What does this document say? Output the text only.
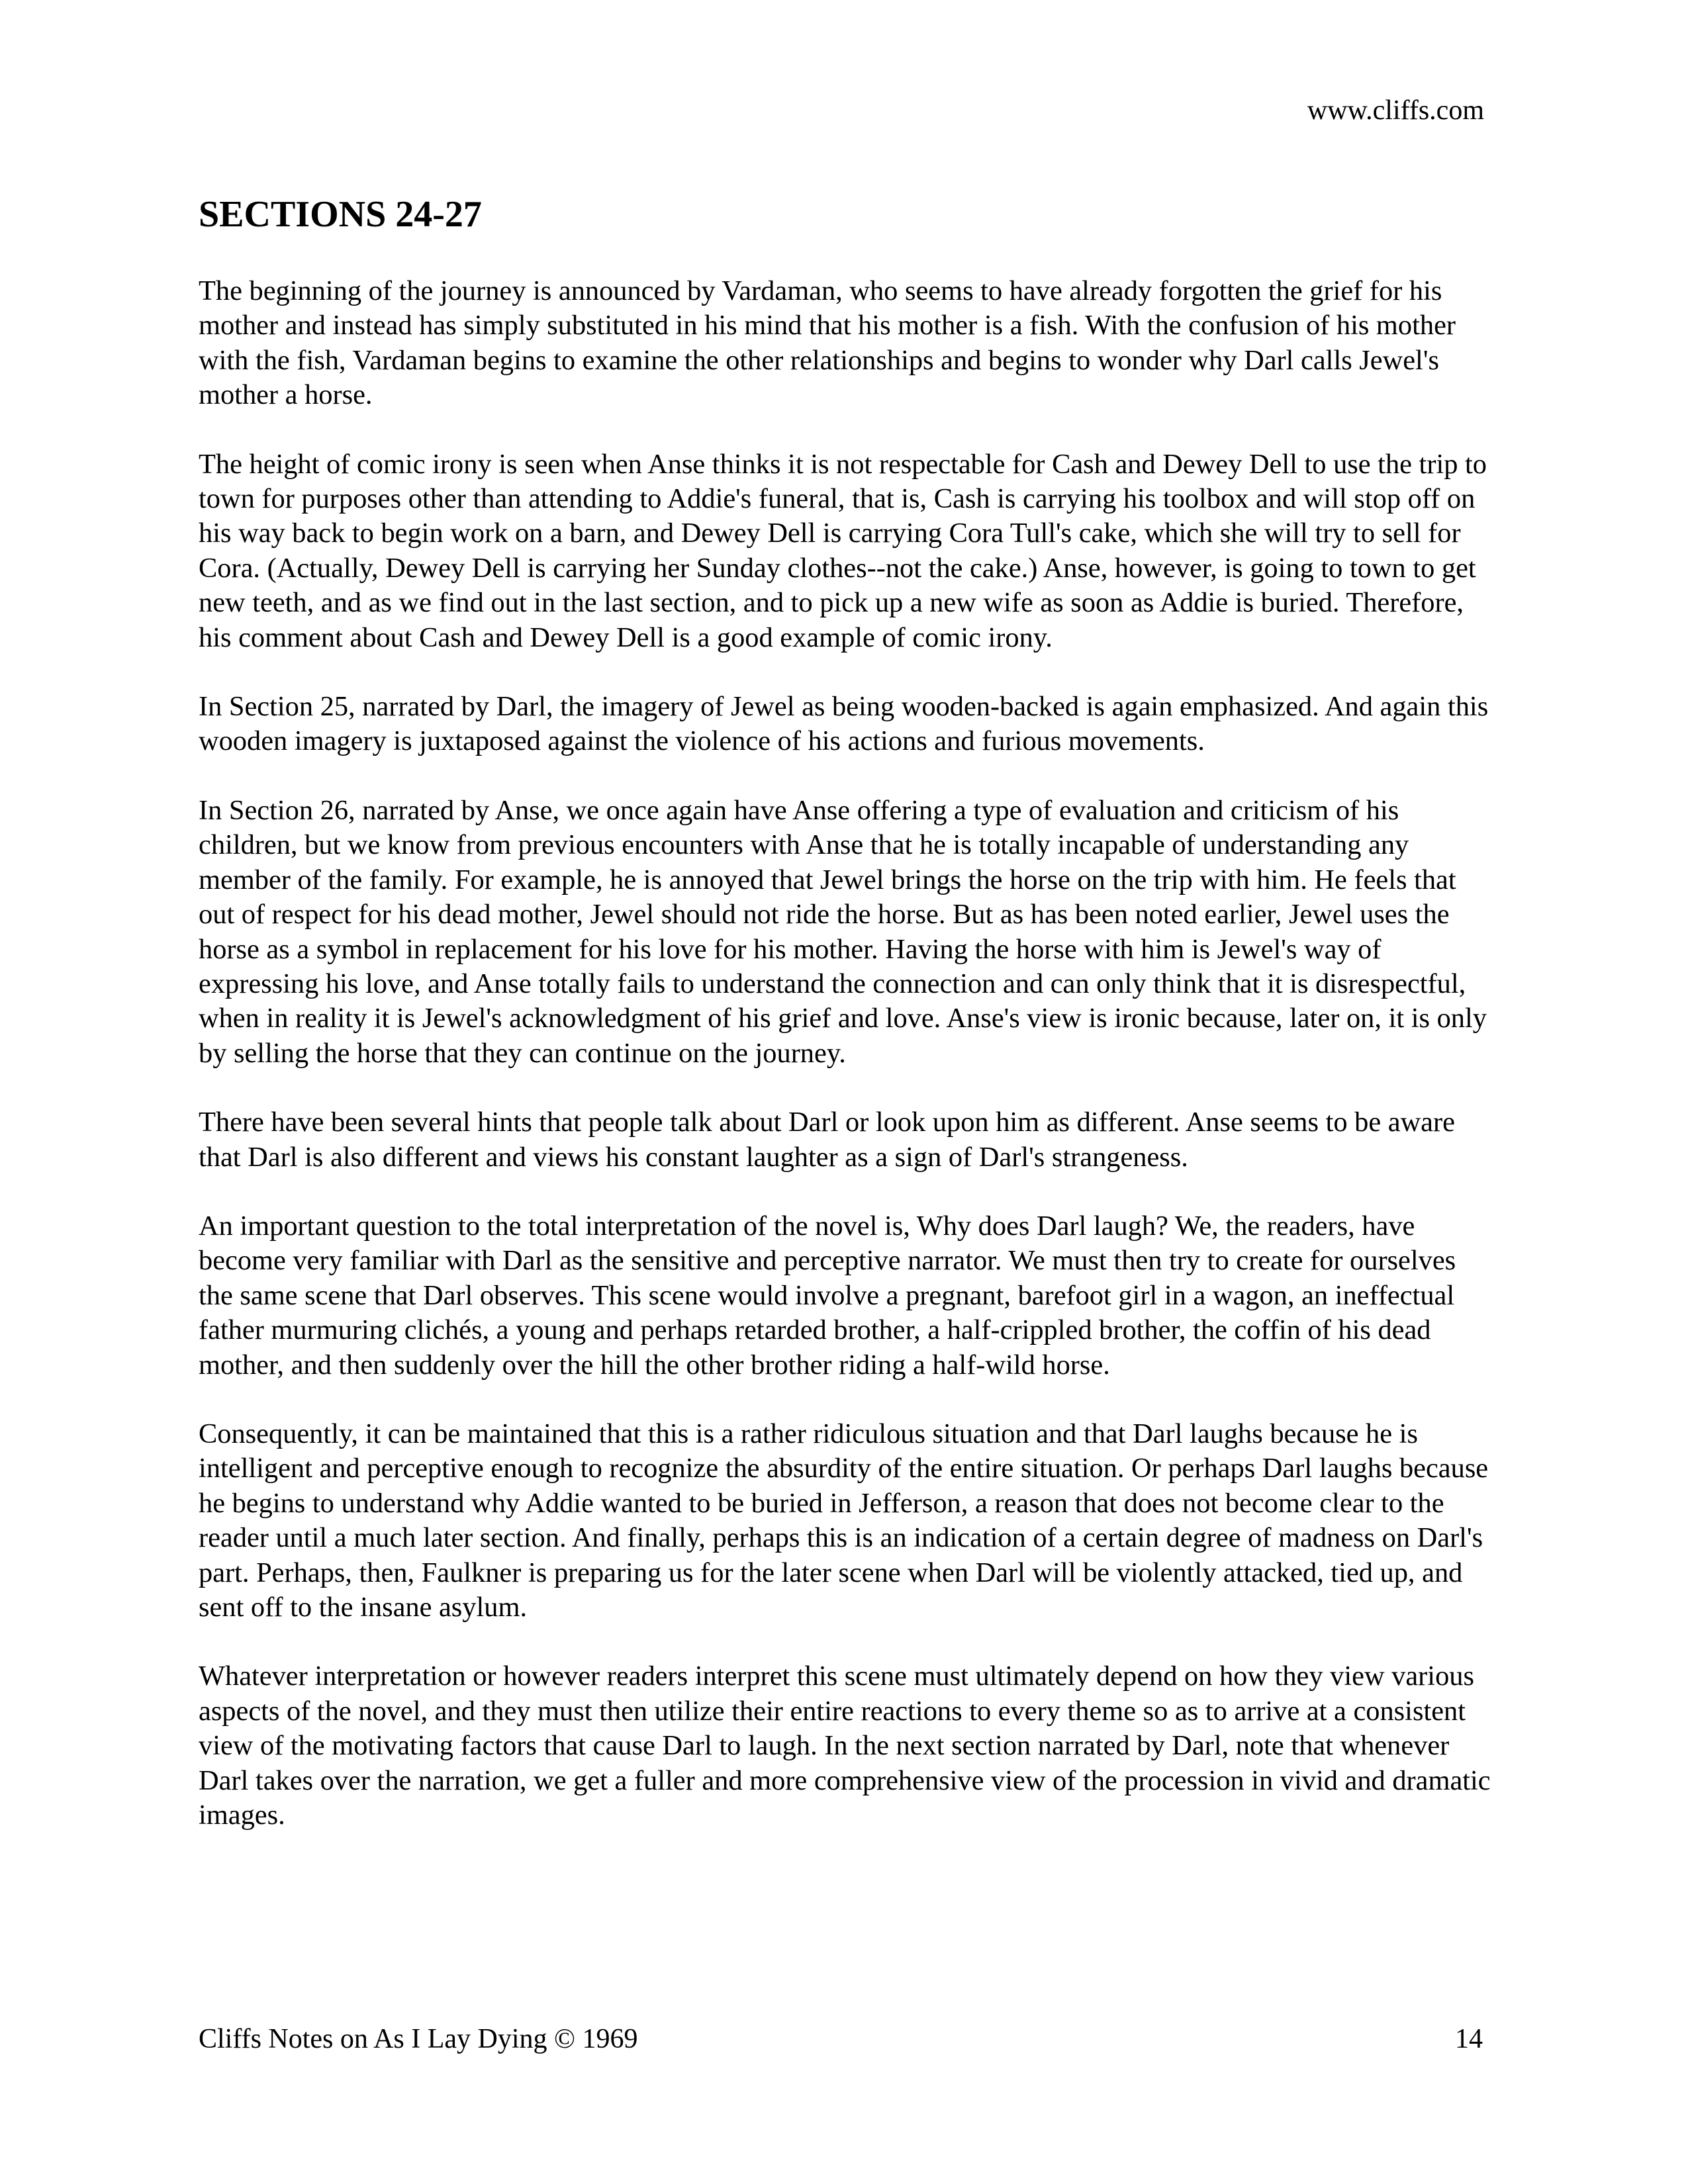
www.cliffs.com
SECTIONS 24-27

The beginning of the journey is announced by Vardaman, who seems to have already forgotten the grief for his mother and instead has simply substituted in his mind that his mother is a fish. With the confusion of his mother with the fish, Vardaman begins to examine the other relationships and begins to wonder why Darl calls Jewel's mother a horse.

The height of comic irony is seen when Anse thinks it is not respectable for Cash and Dewey Dell to use the trip to town for purposes other than attending to Addie's funeral, that is, Cash is carrying his toolbox and will stop off on his way back to begin work on a barn, and Dewey Dell is carrying Cora Tull's cake, which she will try to sell for Cora. (Actually, Dewey Dell is carrying her Sunday clothes--not the cake.) Anse, however, is going to town to get new teeth, and as we find out in the last section, and to pick up a new wife as soon as Addie is buried. Therefore, his comment about Cash and Dewey Dell is a good example of comic irony.

In Section 25, narrated by Darl, the imagery of Jewel as being wooden-backed is again emphasized. And again this wooden imagery is juxtaposed against the violence of his actions and furious movements.

In Section 26, narrated by Anse, we once again have Anse offering a type of evaluation and criticism of his children, but we know from previous encounters with Anse that he is totally incapable of understanding any member of the family. For example, he is annoyed that Jewel brings the horse on the trip with him. He feels that out of respect for his dead mother, Jewel should not ride the horse. But as has been noted earlier, Jewel uses the horse as a symbol in replacement for his love for his mother. Having the horse with him is Jewel's way of expressing his love, and Anse totally fails to understand the connection and can only think that it is disrespectful, when in reality it is Jewel's acknowledgment of his grief and love. Anse's view is ironic because, later on, it is only by selling the horse that they can continue on the journey.

There have been several hints that people talk about Darl or look upon him as different. Anse seems to be aware that Darl is also different and views his constant laughter as a sign of Darl's strangeness.

An important question to the total interpretation of the novel is, Why does Darl laugh? We, the readers, have become very familiar with Darl as the sensitive and perceptive narrator. We must then try to create for ourselves the same scene that Darl observes. This scene would involve a pregnant, barefoot girl in a wagon, an ineffectual father murmuring clichés, a young and perhaps retarded brother, a half-crippled brother, the coffin of his dead mother, and then suddenly over the hill the other brother riding a half-wild horse.

Consequently, it can be maintained that this is a rather ridiculous situation and that Darl laughs because he is intelligent and perceptive enough to recognize the absurdity of the entire situation. Or perhaps Darl laughs because he begins to understand why Addie wanted to be buried in Jefferson, a reason that does not become clear to the reader until a much later section. And finally, perhaps this is an indication of a certain degree of madness on Darl's part. Perhaps, then, Faulkner is preparing us for the later scene when Darl will be violently attacked, tied up, and sent off to the insane asylum.

Whatever interpretation or however readers interpret this scene must ultimately depend on how they view various aspects of the novel, and they must then utilize their entire reactions to every theme so as to arrive at a consistent view of the motivating factors that cause Darl to laugh. In the next section narrated by Darl, note that whenever Darl takes over the narration, we get a fuller and more comprehensive view of the procession in vivid and dramatic images.

Cliffs Notes on As I Lay Dying © 1969	14
